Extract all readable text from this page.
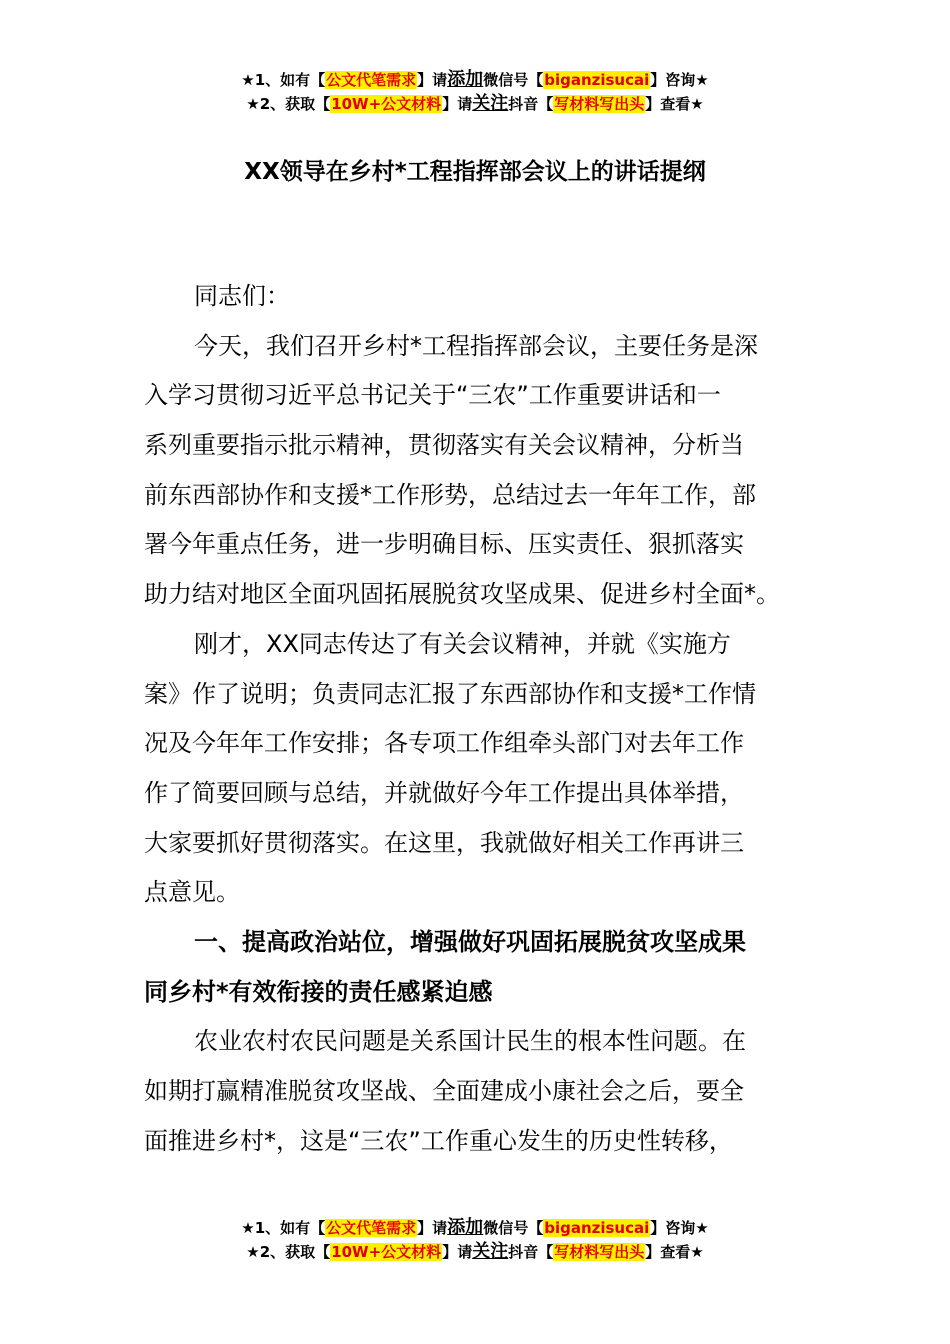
★1、如有【公文代笔需求】请添加微信号【biganzisucai】咨询★
★2、获取【10W+公文材料】请关注抖音【写材料写出头】查看★
XX领导在乡村*工程指挥部会议上的讲话提纲
同志们：
今天，我们召开乡村*工程指挥部会议，主要任务是深
入学习贯彻习近平总书记关于“三农”工作重要讲话和一
系列重要指示批示精神，贯彻落实有关会议精神，分析当
前东西部协作和支援*工作形势，总结过去一年年工作，部
署今年重点任务，进一步明确目标、压实责任、狠抓落实
助力结对地区全面巩固拓展脱贫攻坚成果、促进乡村全面*。
刚才，XX同志传达了有关会议精神，并就《实施方
案》作了说明；负责同志汇报了东西部协作和支援*工作情
况及今年年工作安排；各专项工作组牵头部门对去年工作
作了简要回顾与总结，并就做好今年工作提出具体举措，
大家要抓好贯彻落实。在这里，我就做好相关工作再讲三
点意见。
一、提高政治站位，增强做好巩固拓展脱贫攻坚成果
同乡村*有效衔接的责任感紧迫感
农业农村农民问题是关系国计民生的根本性问题。在
如期打赢精准脱贫攻坚战、全面建成小康社会之后，要全
面推进乡村*，这是“三农”工作重心发生的历史性转移，
★1、如有【公文代笔需求】请添加微信号【biganzisucai】咨询★
★2、获取【10W+公文材料】请关注抖音【写材料写出头】查看★
